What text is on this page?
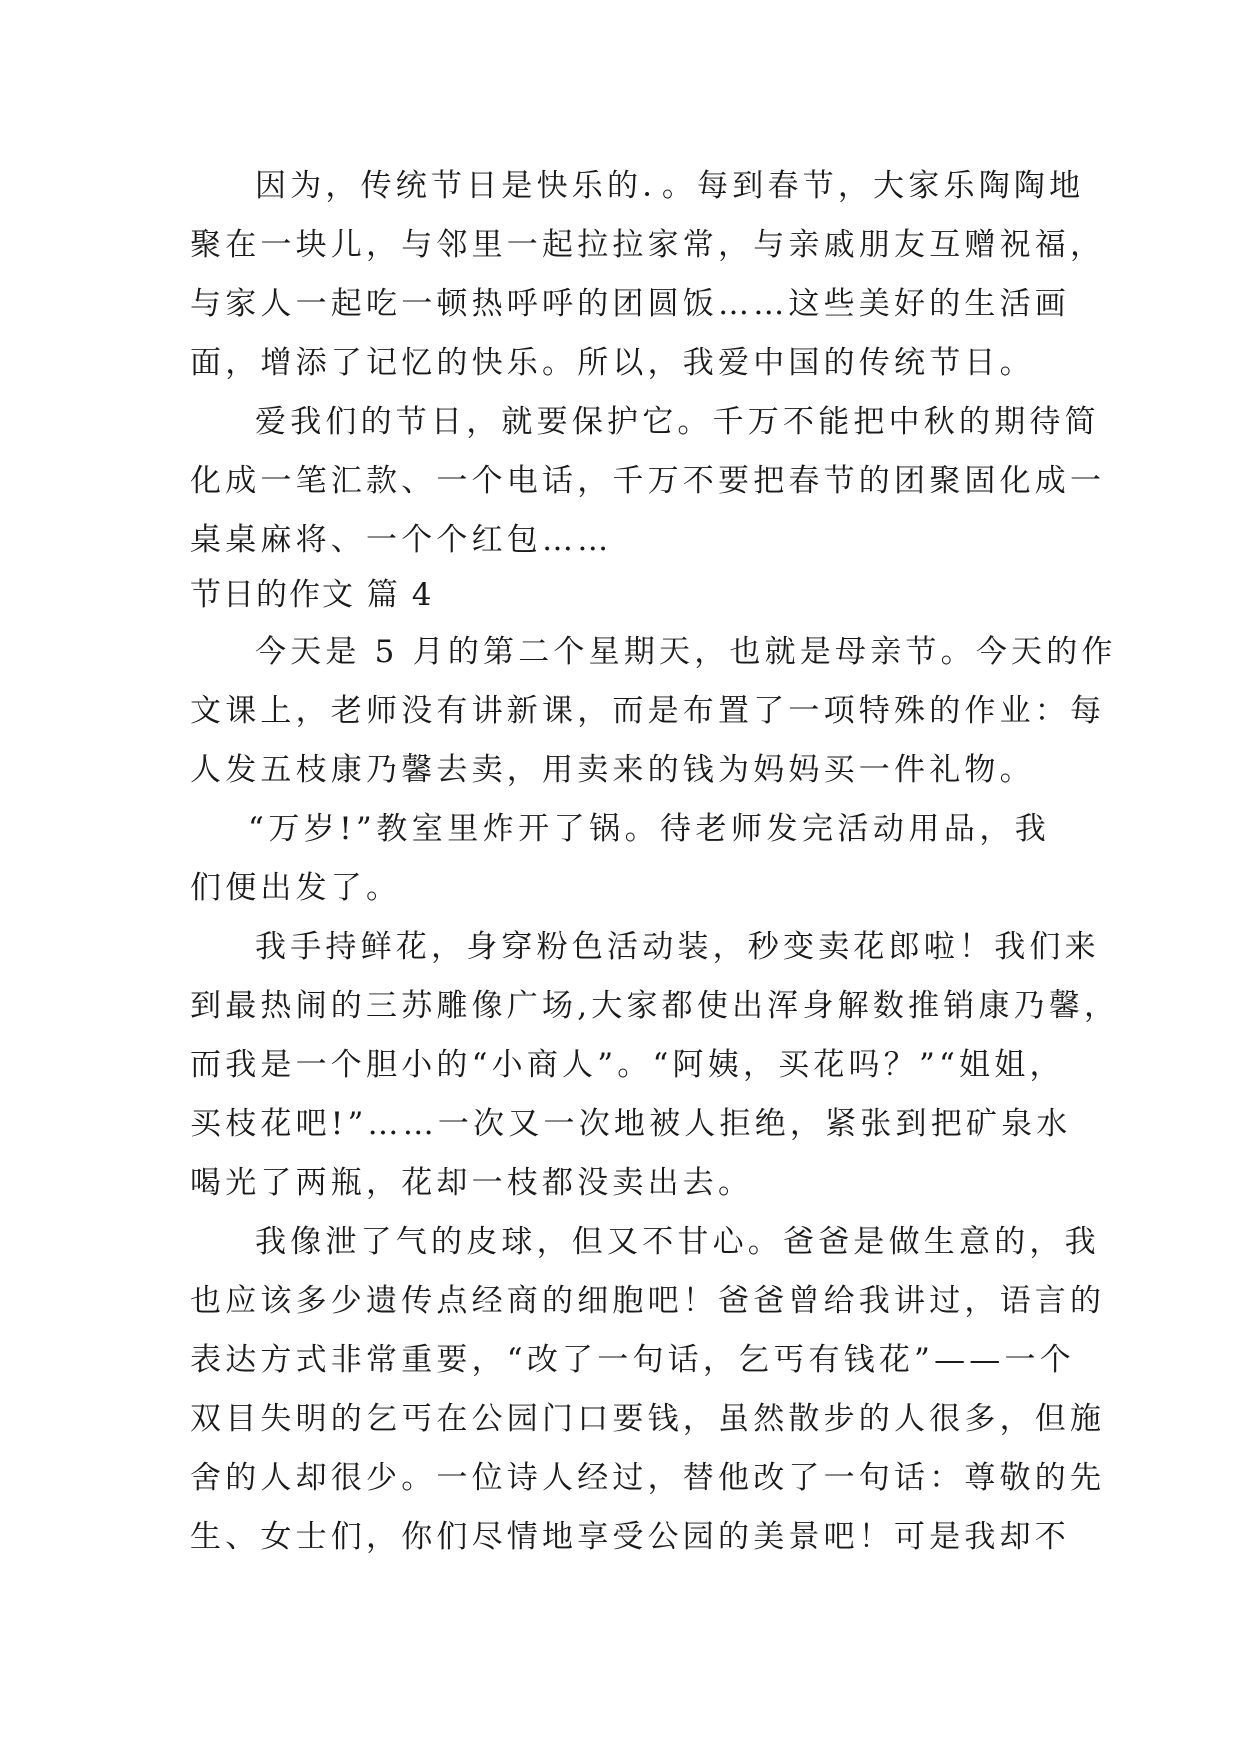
因为，传统节日是快乐的．。每到春节，大家乐陶陶地
聚在一块儿，与邻里一起拉拉家常，与亲戚朋友互赠祝福，
与家人一起吃一顿热呼呼的团圆饭……这些美好的生活画
面，增添了记忆的快乐。所以，我爱中国的传统节日。
爱我们的节日，就要保护它。千万不能把中秋的期待简
化成一笔汇款、一个电话，千万不要把春节的团聚固化成一
桌桌麻将、一个个红包……
节日的作文 篇 4
今天是 5 月的第二个星期天，也就是母亲节。今天的作
文课上，老师没有讲新课，而是布置了一项特殊的作业：每
人发五枝康乃馨去卖，用卖来的钱为妈妈买一件礼物。
“万岁!”教室里炸开了锅。待老师发完活动用品，我
们便出发了。
我手持鲜花，身穿粉色活动装，秒变卖花郎啦！我们来
到最热闹的三苏雕像广场,大家都使出浑身解数推销康乃馨，
而我是一个胆小的“小商人”。“阿姨，买花吗？”“姐姐，
买枝花吧!”……一次又一次地被人拒绝，紧张到把矿泉水
喝光了两瓶，花却一枝都没卖出去。
我像泄了气的皮球，但又不甘心。爸爸是做生意的，我
也应该多少遗传点经商的细胞吧！爸爸曾给我讲过，语言的
表达方式非常重要，“改了一句话，乞丐有钱花”——一个
双目失明的乞丐在公园门口要钱，虽然散步的人很多，但施
舍的人却很少。一位诗人经过，替他改了一句话：尊敬的先
生、女士们，你们尽情地享受公园的美景吧！可是我却不
